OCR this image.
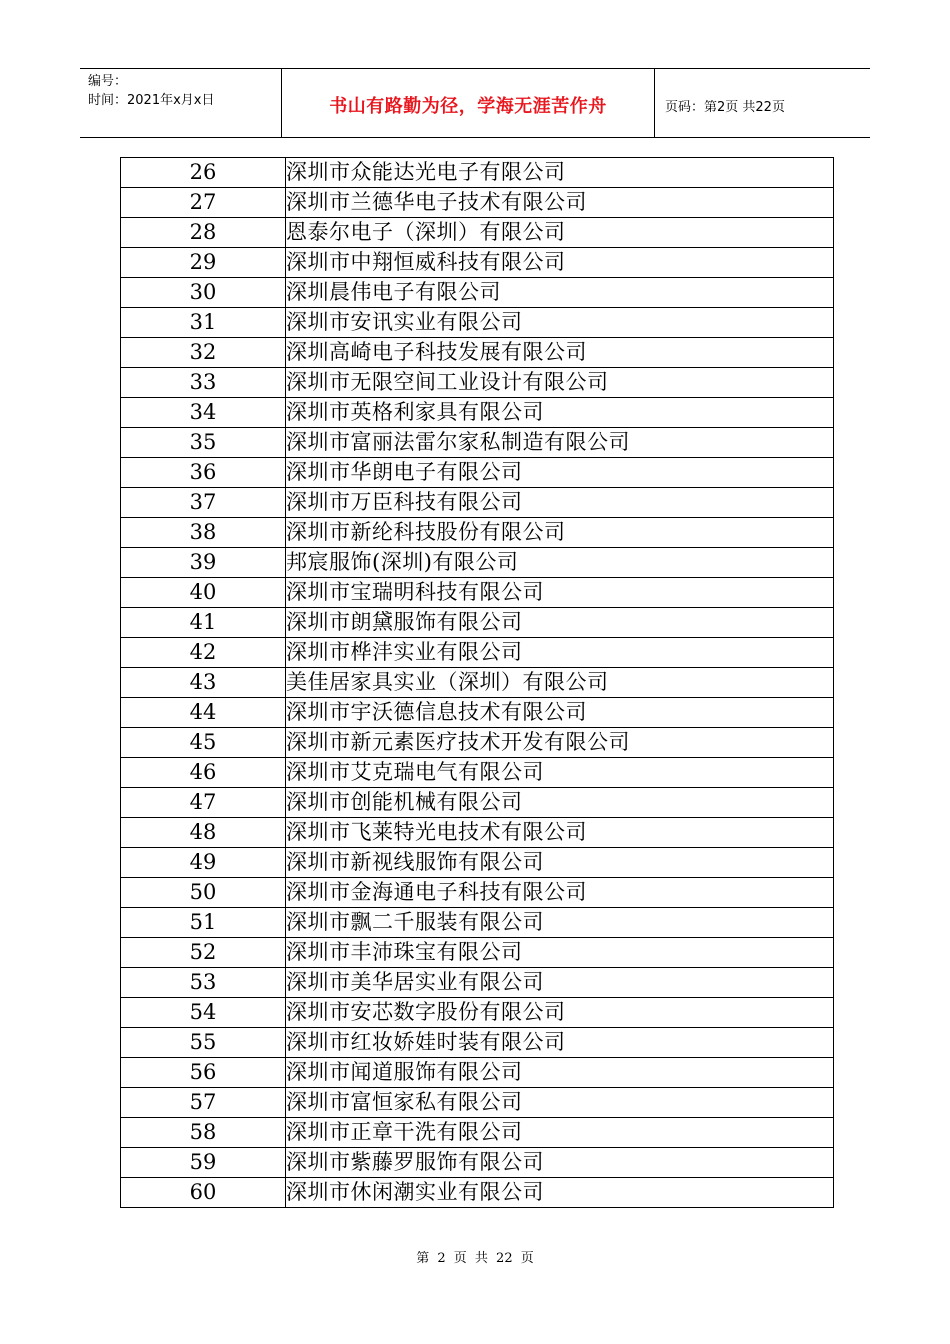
编号：
时间：2021年x月x日	书山有路勤为径，学海无涯苦作舟	页码：第2页 共22页
26	深圳市众能达光电子有限公司
27	深圳市兰德华电子技术有限公司
28	恩泰尔电子（深圳）有限公司
29	深圳市中翔恒威科技有限公司
30	深圳晨伟电子有限公司
31	深圳市安讯实业有限公司
32	深圳高崎电子科技发展有限公司
33	深圳市无限空间工业设计有限公司
34	深圳市英格利家具有限公司
35	深圳市富丽法雷尔家私制造有限公司
36	深圳市华朗电子有限公司
37	深圳市万臣科技有限公司
38	深圳市新纶科技股份有限公司
39	邦宸服饰(深圳)有限公司
40	深圳市宝瑞明科技有限公司
41	深圳市朗黛服饰有限公司
42	深圳市桦沣实业有限公司
43	美佳居家具实业（深圳）有限公司
44	深圳市宇沃德信息技术有限公司
45	深圳市新元素医疗技术开发有限公司
46	深圳市艾克瑞电气有限公司
47	深圳市创能机械有限公司
48	深圳市飞莱特光电技术有限公司
49	深圳市新视线服饰有限公司
50	深圳市金海通电子科技有限公司
51	深圳市飘二千服装有限公司
52	深圳市丰沛珠宝有限公司
53	深圳市美华居实业有限公司
54	深圳市安芯数字股份有限公司
55	深圳市红妆娇娃时装有限公司
56	深圳市闻道服饰有限公司
57	深圳市富恒家私有限公司
58	深圳市正章干洗有限公司
59	深圳市紫藤罗服饰有限公司
60	深圳市休闲潮实业有限公司
第 2 页 共 22 页
